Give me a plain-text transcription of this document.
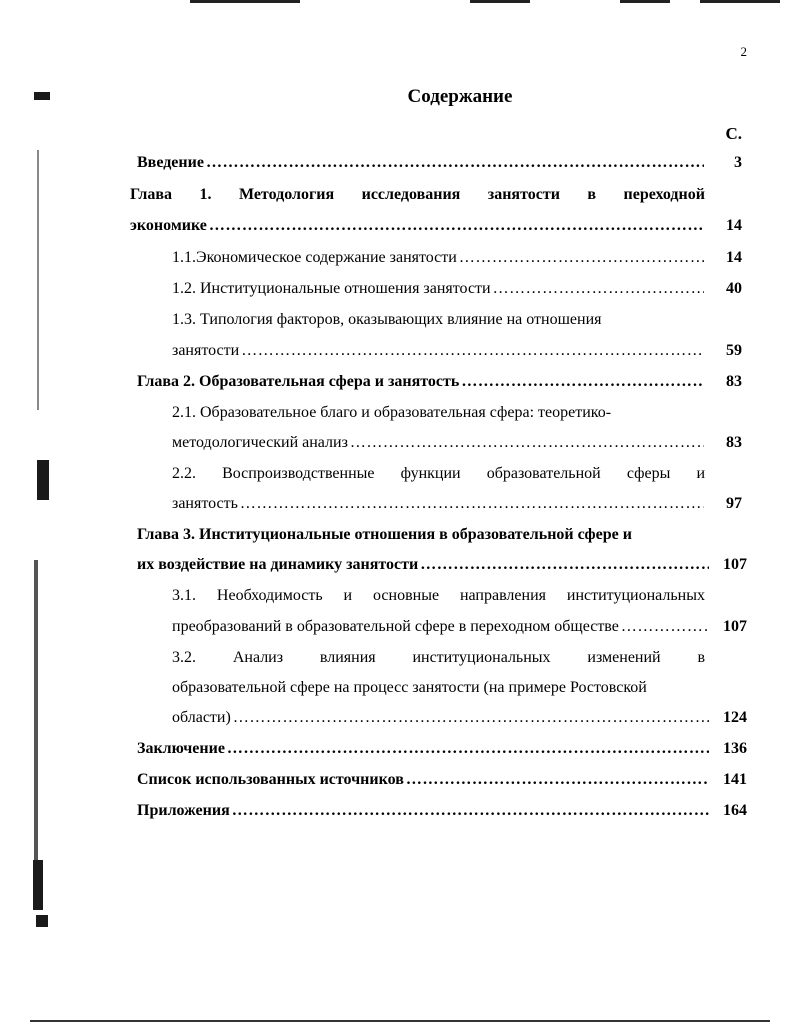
2
Содержание
С.
Введение …………………………………………………………………………………………………………………………………………	3
Глава 1. Методология исследования занятости в переходной
экономике …………………………………………………………………………………………………………………………………………	14
1.1.Экономическое содержание занятости …………………………………………………………………………………………………………………………………………	14
1.2. Институциональные отношения занятости …………………………………………………………………………………………………………………………………………	40
1.3. Типология факторов, оказывающих влияние на отношения
занятости …………………………………………………………………………………………………………………………………………	59
Глава 2. Образовательная сфера и занятость …………………………………………………………………………………………………………………………………………	83
2.1. Образовательное благо и образовательная сфера: теоретико-
методологический анализ …………………………………………………………………………………………………………………………………………	83
2.2. Воспроизводственные функции образовательной сферы и
занятость …………………………………………………………………………………………………………………………………………	97
Глава 3. Институциональные отношения в образовательной сфере и
их воздействие на динамику занятости …………………………………………………………………………………………………………………………………………	107
3.1. Необходимость и основные направления институциональных
преобразований в образовательной сфере в переходном обществе …………………………………………………………………………………………………………………………………………	107
3.2. Анализ влияния институциональных изменений в
образовательной сфере на процесс занятости (на примере Ростовской
области) …………………………………………………………………………………………………………………………………………	124
Заключение …………………………………………………………………………………………………………………………………………	136
Список использованных источников …………………………………………………………………………………………………………………………………………	141
Приложения …………………………………………………………………………………………………………………………………………	164
